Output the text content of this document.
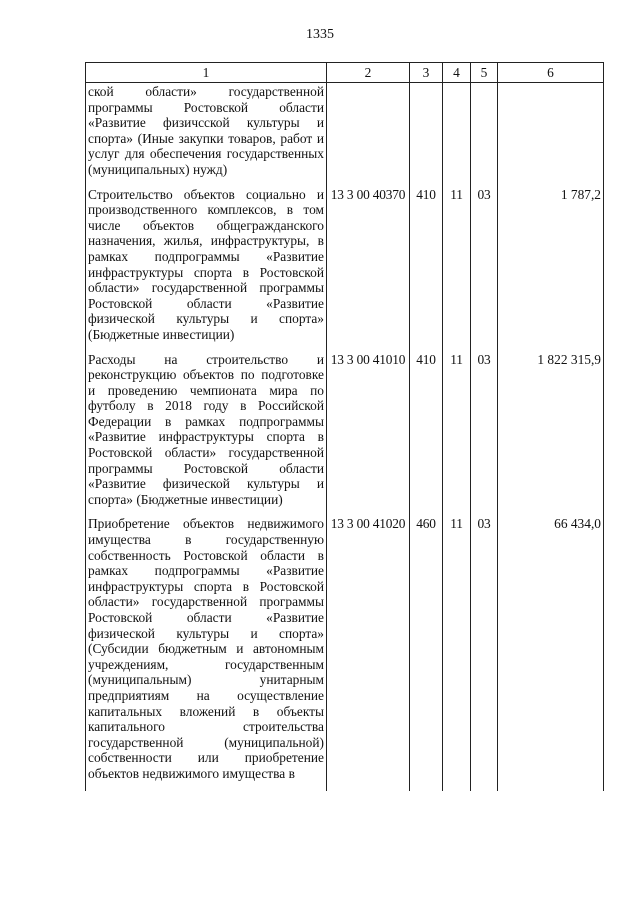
1335
1	2	3	4	5	6
ской области» государственной программы Ростовской области «Развитие физичсской культуры и спорта» (Иные закупки товаров, работ и услуг для обеспечения государственных (муниципальных) нужд)					
Строительство объектов социально и производственного комплексов, в том числе объектов общегражданского назначения, жилья, инфраструктуры, в рамках подпрограммы «Развитие инфраструктуры спорта в Ростовской области» государственной программы Ростовской области «Развитие физической культуры и спорта» (Бюджетные инвестиции)	13 3 00 40370	410	11	03	1 787,2
Расходы на строительство и реконструкцию объектов по подготовке и проведению чемпионата мира по футболу в 2018 году в Российской Федерации в рамках подпрограммы «Развитие инфраструктуры спорта в Ростовской области» государственной программы Ростовской области «Развитие физической культуры и спорта» (Бюджетные инвестиции)	13 3 00 41010	410	11	03	1 822 315,9
Приобретение объектов недвижимого имущества в государственную собственность Ростовской области в рамках подпрограммы «Развитие инфраструктуры спорта в Ростовской области» государственной программы Ростовской области «Развитие физической культуры и спорта» (Субсидии бюджетным и автономным учреждениям, государственным (муниципальным) унитарным предприятиям на осуществление капитальных вложений в объекты капитального строительства государственной (муниципальной) собственности или приобретение объектов недвижимого имущества в	13 3 00 41020	460	11	03	66 434,0
